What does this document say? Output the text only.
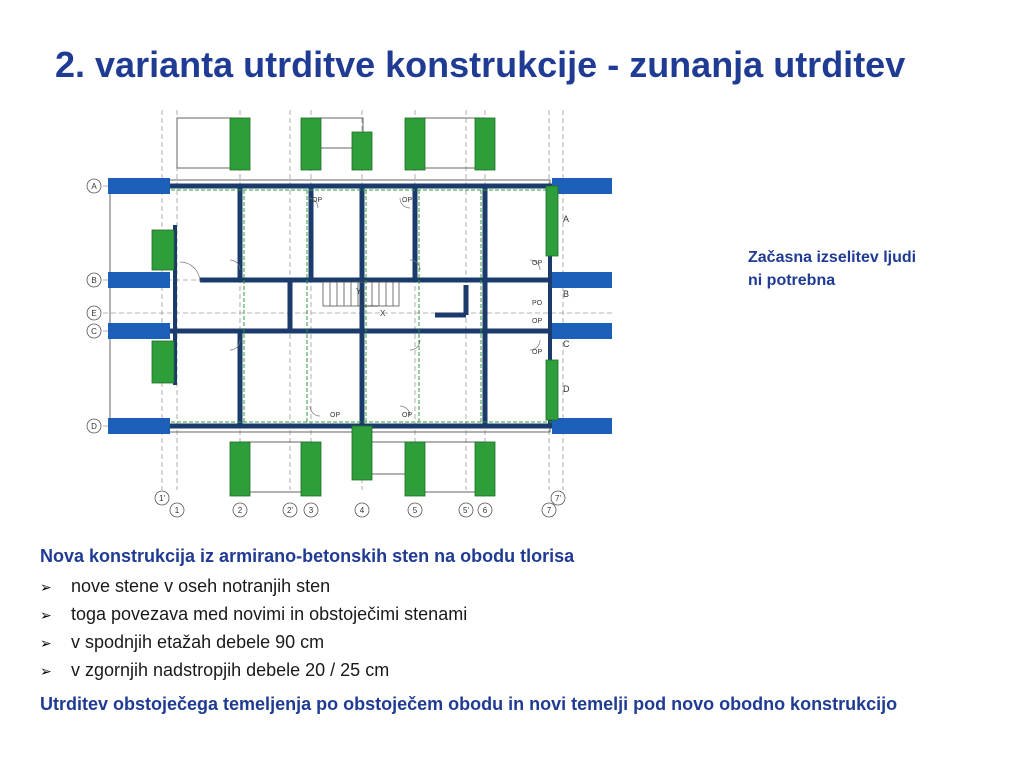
2. varianta utrditve konstrukcije - zunanja utrditev
Y
X
OP	OP
OP	OP
OP
PO
OP
OP
A
B
C
D
A
B
E
C
D
1'
1	2	2' 3	4	5	5' 6	7
7'
Začasna izselitev ljudi
ni potrebna
Nova konstrukcija iz armirano-betonskih sten na obodu tlorisa
➢	nove stene v oseh notranjih sten
➢	toga povezava med novimi in obstoječimi stenami
➢	v spodnjih etažah debele 90 cm
➢	v zgornjih nadstropjih debele 20 / 25 cm
Utrditev obstoječega temeljenja po obstoječem obodu in novi temelji pod novo obodno konstrukcijo
